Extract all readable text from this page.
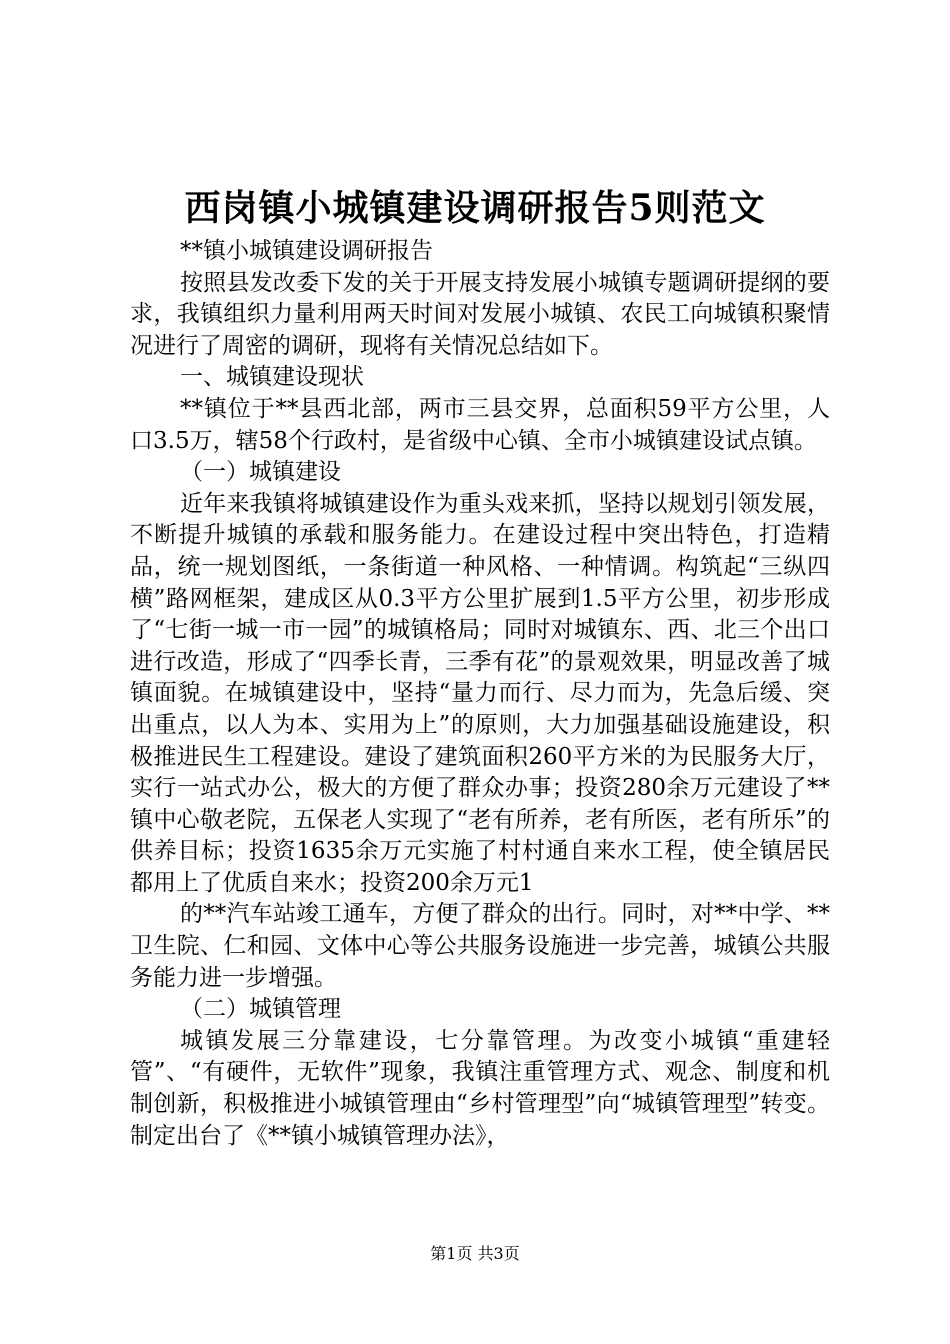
西岗镇小城镇建设调研报告5则范文

**镇小城镇建设调研报告

按照县发改委下发的关于开展支持发展小城镇专题调研提纲的要求，我镇组织力量利用两天时间对发展小城镇、农民工向城镇积聚情况进行了周密的调研，现将有关情况总结如下。

一、城镇建设现状

**镇位于**县西北部，两市三县交界，总面积59平方公里，人口3.5万，辖58个行政村，是省级中心镇、全市小城镇建设试点镇。

（一）城镇建设

近年来我镇将城镇建设作为重头戏来抓，坚持以规划引领发展，不断提升城镇的承载和服务能力。在建设过程中突出特色，打造精品，统一规划图纸，一条街道一种风格、一种情调。构筑起“三纵四横”路网框架，建成区从0.3平方公里扩展到1.5平方公里，初步形成了“七街一城一市一园”的城镇格局；同时对城镇东、西、北三个出口进行改造，形成了“四季长青，三季有花”的景观效果，明显改善了城镇面貌。在城镇建设中，坚持“量力而行、尽力而为，先急后缓、突出重点，以人为本、实用为上”的原则，大力加强基础设施建设，积极推进民生工程建设。建设了建筑面积260平方米的为民服务大厅，实行一站式办公，极大的方便了群众办事；投资280余万元建设了**镇中心敬老院，五保老人实现了“老有所养，老有所医，老有所乐”的供养目标；投资1635余万元实施了村村通自来水工程，使全镇居民都用上了优质自来水；投资200余万元1

的**汽车站竣工通车，方便了群众的出行。同时，对**中学、**卫生院、仁和园、文体中心等公共服务设施进一步完善，城镇公共服务能力进一步增强。

（二）城镇管理

城镇发展三分靠建设，七分靠管理。为改变小城镇“重建轻管”、“有硬件，无软件”现象，我镇注重管理方式、观念、制度和机制创新，积极推进小城镇管理由“乡村管理型”向“城镇管理型”转变。制定出台了《**镇小城镇管理办法》，

第1页 共3页
